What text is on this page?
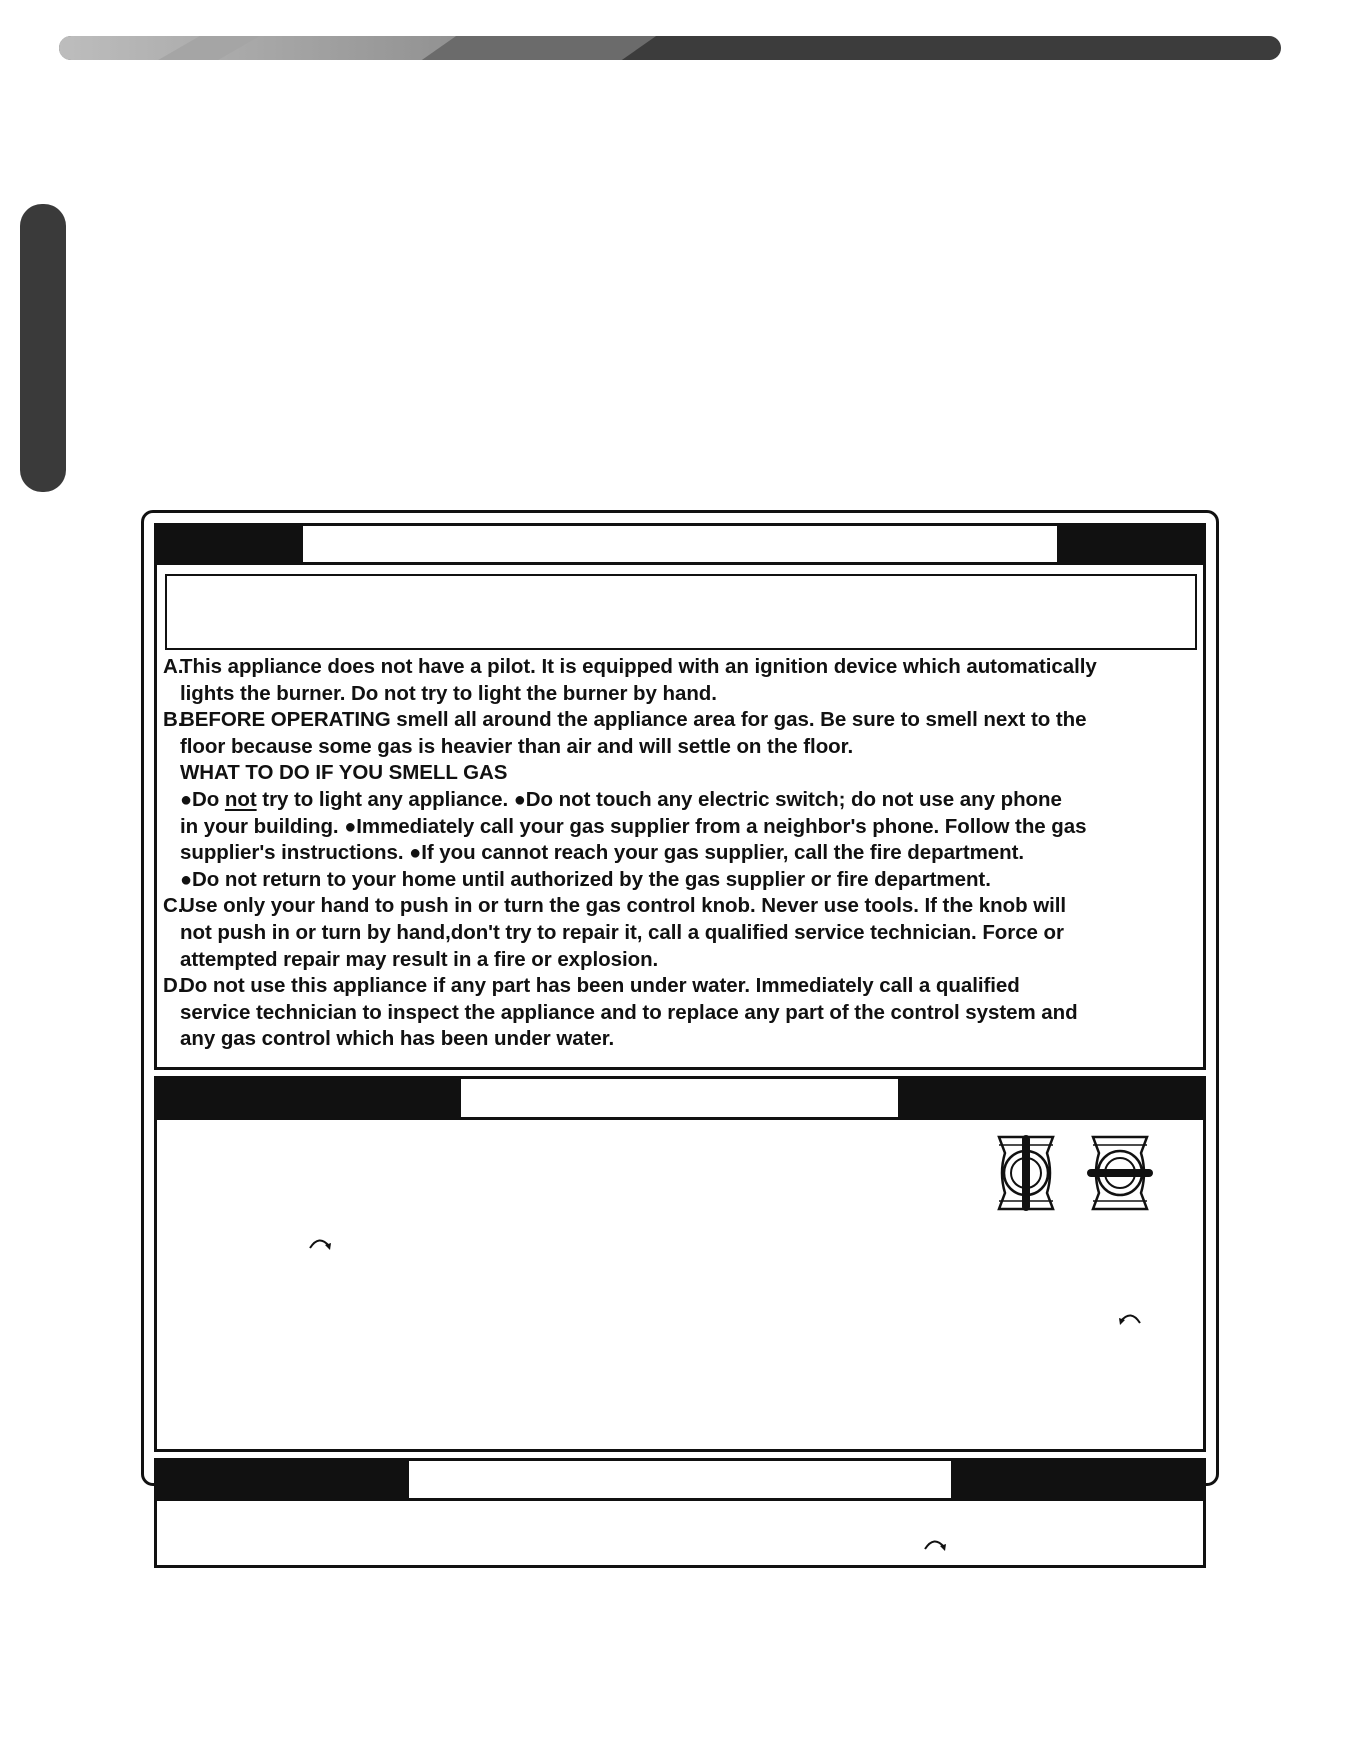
A.
This appliance does not have a pilot. It is equipped with an ignition device which automatically
lights the burner. Do not try to light the burner by hand.
B.
BEFORE OPERATING smell all around the appliance area for gas. Be sure to smell next to the
floor because some gas is heavier than air and will settle on the floor.
WHAT TO DO IF YOU SMELL GAS
●Do not try to light any appliance. ●Do not touch any electric switch; do not use any phone
in your building. ●Immediately call your gas supplier from a neighbor's phone. Follow the gas
supplier's instructions. ●If you cannot reach your gas supplier, call the fire department.
●Do not return to your home until authorized by the gas supplier or fire department.
C.
Use only your hand to push in or turn the gas control knob. Never use tools. If the knob will
not push in or turn by hand,don't try to repair it, call a qualified service technician. Force or
attempted repair may result in a fire or explosion.
D.
Do not use this appliance if any part has been under water. Immediately call a qualified
service technician to inspect the appliance and to replace any part of the control system and
any gas control which has been under water.
